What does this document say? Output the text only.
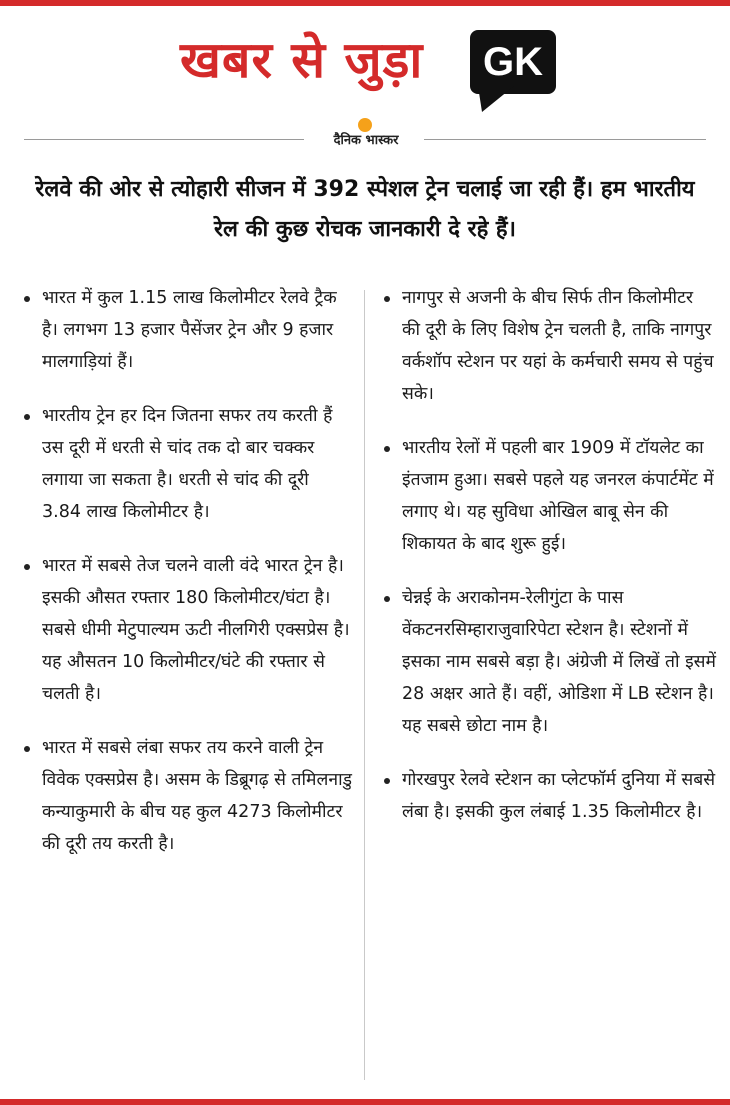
खबर से जुड़ा	GK
दैनिक भास्कर
रेलवे की ओर से त्योहारी सीजन में 392 स्पेशल ट्रेन चलाई जा रही हैं। हम भारतीय रेल की कुछ रोचक जानकारी दे रहे हैं।
भारत में कुल 1.15 लाख किलोमीटर रेलवे ट्रैक है। लगभग 13 हजार पैसेंजर ट्रेन और 9 हजार मालगाड़ियां हैं।
भारतीय ट्रेन हर दिन जितना सफर तय करती हैं उस दूरी में धरती से चांद तक दो बार चक्कर लगाया जा सकता है। धरती से चांद की दूरी 3.84 लाख किलोमीटर है।
भारत में सबसे तेज चलने वाली वंदे भारत ट्रेन है। इसकी औसत रफ्तार 180 किलोमीटर/घंटा है। सबसे धीमी मेटुपाल्यम ऊटी नीलगिरी एक्सप्रेस है। यह औसतन 10 किलोमीटर/घंटे की रफ्तार से चलती है।
भारत में सबसे लंबा सफर तय करने वाली ट्रेन विवेक एक्सप्रेस है। असम के डिब्रूगढ़ से तमिलनाडु कन्याकुमारी के बीच यह कुल 4273 किलोमीटर की दूरी तय करती है।
नागपुर से अजनी के बीच सिर्फ तीन किलोमीटर की दूरी के लिए विशेष ट्रेन चलती है, ताकि नागपुर वर्कशॉप स्टेशन पर यहां के कर्मचारी समय से पहुंच सके।
भारतीय रेलों में पहली बार 1909 में टॉयलेट का इंतजाम हुआ। सबसे पहले यह जनरल कंपार्टमेंट में लगाए थे। यह सुविधा ओखिल बाबू सेन की शिकायत के बाद शुरू हुई।
चेन्नई के अराकोनम-रेलीगुंटा के पास वेंकटनरसिम्हाराजुवारिपेटा स्टेशन है। स्टेशनों में इसका नाम सबसे बड़ा है। अंग्रेजी में लिखें तो इसमें 28 अक्षर आते हैं। वहीं, ओडिशा में LB स्टेशन है। यह सबसे छोटा नाम है।
गोरखपुर रेलवे स्टेशन का प्लेटफॉर्म दुनिया में सबसे लंबा है। इसकी कुल लंबाई 1.35 किलोमीटर है।
